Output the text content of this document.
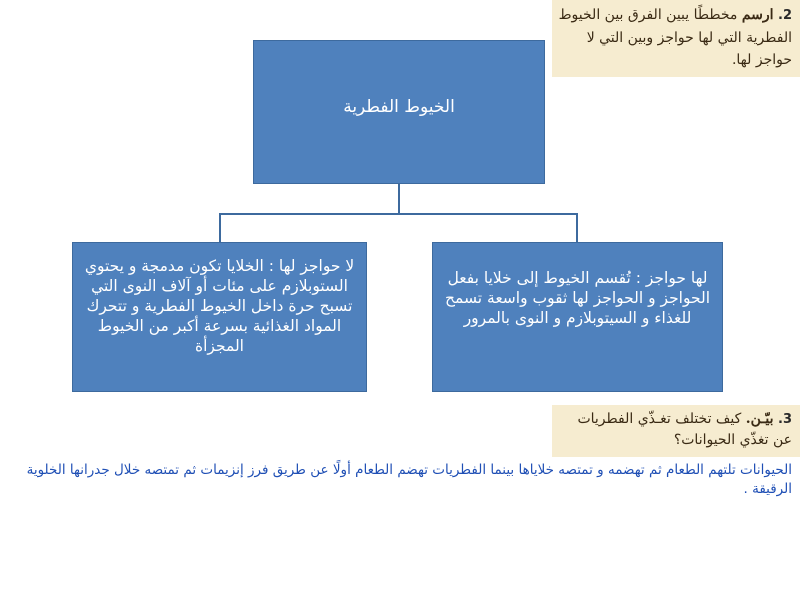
2. ارسم مخططًا يبين الفرق بين الخيوط الفطرية التي لها حواجز وبين التي لا حواجز لها.
الخيوط الفطرية
لا حواجز لها : الخلايا تكون مدمجة و يحتوي الستوبلازم على مئات أو آلاف النوى التي تسبح حرة داخل الخيوط الفطرية و تتحرك المواد الغذائية بسرعة أكبر من الخيوط المجزأة
لها حواجز : تُقسم الخيوط إلى خلايا بفعل الحواجز و الحواجز لها ثقوب واسعة تسمح للغذاء و السيتوبلازم و النوى بالمرور
3. بيّـن. كيف تختلف تغـذّي الفطريات عن تغذّي الحيوانات؟
الحيوانات تلتهم الطعام ثم تهضمه و تمتصه خلاياها بينما الفطريات تهضم الطعام أولًا عن طريق فرز إنزيمات ثم تمتصه خلال جدرانها الخلوية الرقيقة .
